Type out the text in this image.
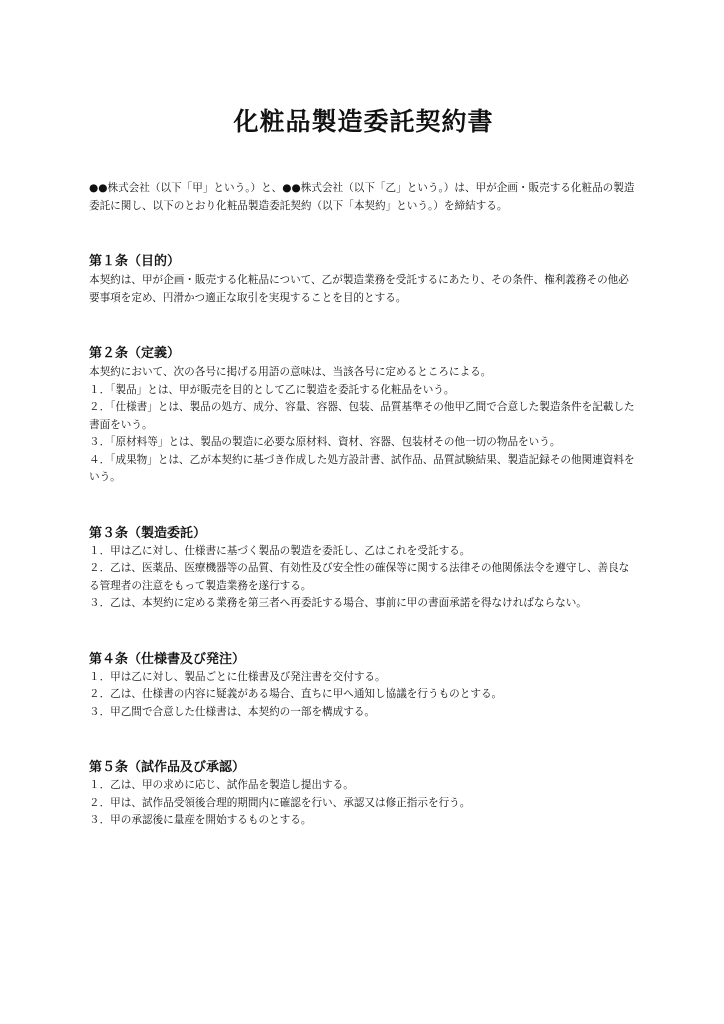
化粧品製造委託契約書

●●株式会社（以下「甲」という。）と、●●株式会社（以下「乙」という。）は、甲が企画・販売する化粧品の製造委託に関し、以下のとおり化粧品製造委託契約（以下「本契約」という。）を締結する。

第１条（目的）

本契約は、甲が企画・販売する化粧品について、乙が製造業務を受託するにあたり、その条件、権利義務その他必要事項を定め、円滑かつ適正な取引を実現することを目的とする。

第２条（定義）

本契約において、次の各号に掲げる用語の意味は、当該各号に定めるところによる。

１．「製品」とは、甲が販売を目的として乙に製造を委託する化粧品をいう。

２．「仕様書」とは、製品の処方、成分、容量、容器、包装、品質基準その他甲乙間で合意した製造条件を記載した書面をいう。

３．「原材料等」とは、製品の製造に必要な原材料、資材、容器、包装材その他一切の物品をいう。

４．「成果物」とは、乙が本契約に基づき作成した処方設計書、試作品、品質試験結果、製造記録その他関連資料をいう。

第３条（製造委託）

１．甲は乙に対し、仕様書に基づく製品の製造を委託し、乙はこれを受託する。

２．乙は、医薬品、医療機器等の品質、有効性及び安全性の確保等に関する法律その他関係法令を遵守し、善良なる管理者の注意をもって製造業務を遂行する。

３．乙は、本契約に定める業務を第三者へ再委託する場合、事前に甲の書面承諾を得なければならない。

第４条（仕様書及び発注）

１．甲は乙に対し、製品ごとに仕様書及び発注書を交付する。

２．乙は、仕様書の内容に疑義がある場合、直ちに甲へ通知し協議を行うものとする。

３．甲乙間で合意した仕様書は、本契約の一部を構成する。

第５条（試作品及び承認）

１．乙は、甲の求めに応じ、試作品を製造し提出する。

２．甲は、試作品受領後合理的期間内に確認を行い、承認又は修正指示を行う。

３．甲の承認後に量産を開始するものとする。
